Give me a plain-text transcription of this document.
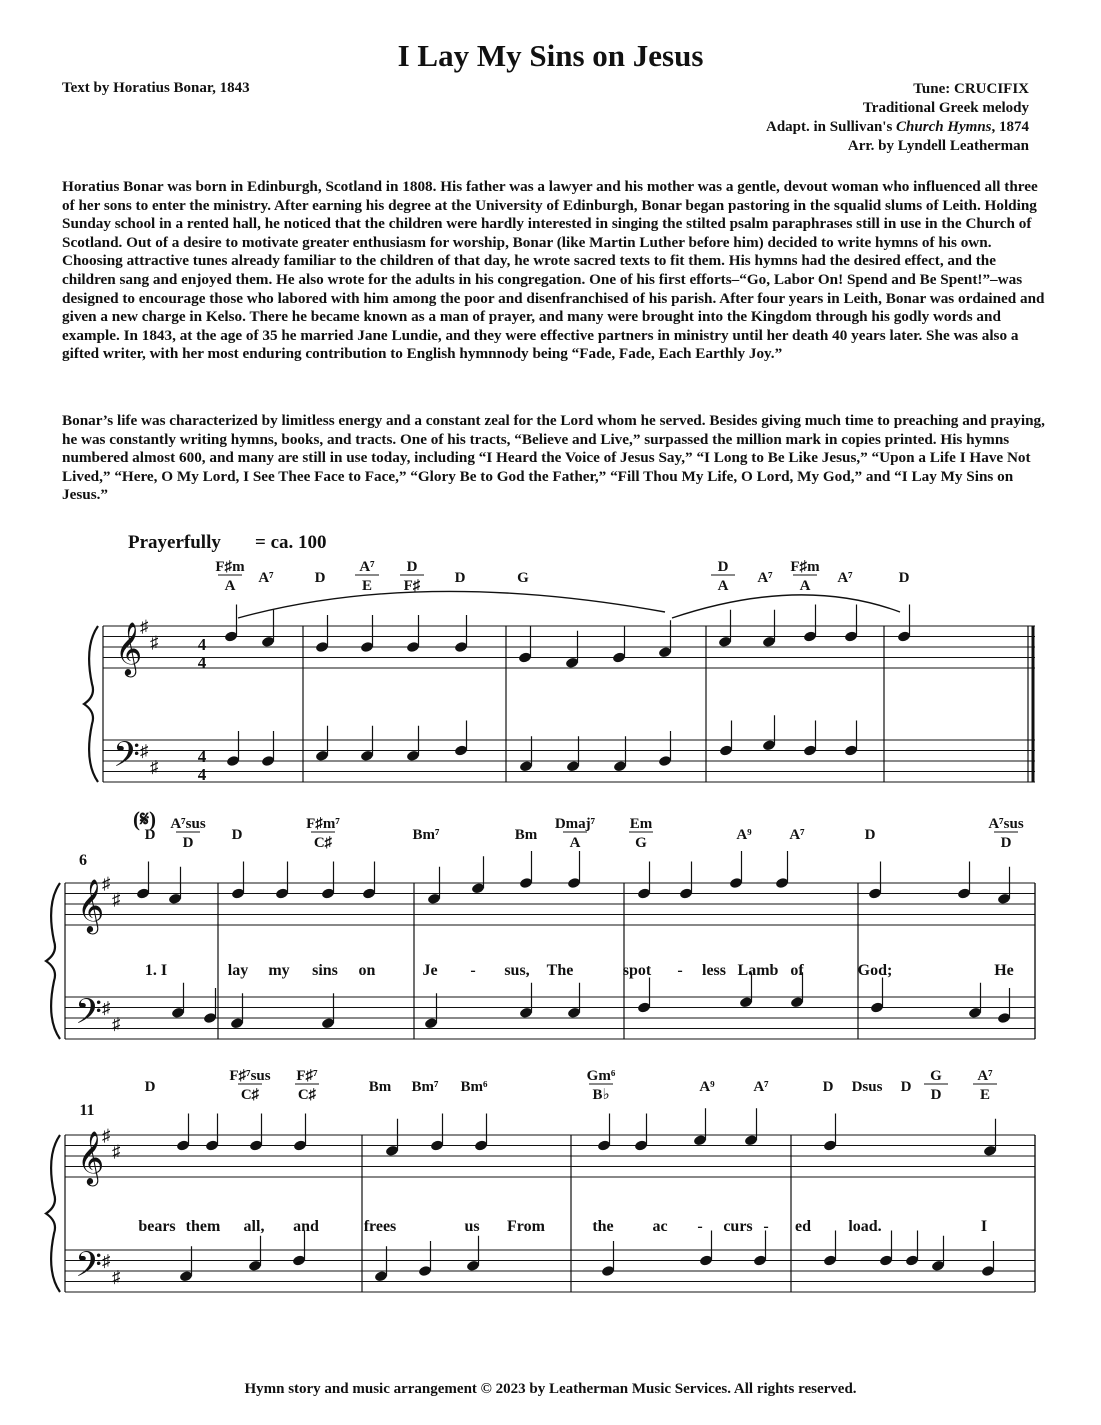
I Lay My Sins on Jesus
Text by Horatius Bonar, 1843	Tune: CRUCIFIX
Traditional Greek melody
Adapt. in Sullivan's Church Hymns, 1874
Arr. by Lyndell Leatherman
Horatius Bonar was born in Edinburgh, Scotland in 1808. His father was a lawyer and his mother was a gentle, devout woman who influenced all three of her sons to enter the ministry. After earning his degree at the University of Edinburgh, Bonar began pastoring in the squalid slums of Leith. Holding Sunday school in a rented hall, he noticed that the children were hardly interested in singing the stilted psalm paraphrases still in use in the Church of Scotland. Out of a desire to motivate greater enthusiasm for worship, Bonar (like Martin Luther before him) decided to write hymns of his own. Choosing attractive tunes already familiar to the children of that day, he wrote sacred texts to fit them. His hymns had the desired effect, and the children sang and enjoyed them. He also wrote for the adults in his congregation. One of his first efforts–“Go, Labor On! Spend and Be Spent!”–was designed to encourage those who labored with him among the poor and disenfranchised of his parish. After four years in Leith, Bonar was ordained and given a new charge in Kelso. There he became known as a man of prayer, and many were brought into the Kingdom through his godly words and example. In 1843, at the age of 35 he married Jane Lundie, and they were effective partners in ministry until her death 40 years later. She was also a gifted writer, with her most enduring contribution to English hymnnody being “Fade, Fade, Each Earthly Joy.”
Bonar’s life was characterized by limitless energy and a constant zeal for the Lord whom he served. Besides giving much time to preaching and praying, he was constantly writing hymns, books, and tracts. One of his tracts, “Believe and Live,” surpassed the million mark in copies printed. His hymns numbered almost 600, and many are still in use today, including “I Heard the Voice of Jesus Say,” “I Long to Be Like Jesus,” “Upon a Life I Have Not Lived,” “Here, O My Lord, I See Thee Face to Face,” “Glory Be to God the Father,” “Fill Thou My Life, O Lord, My God,” and “I Lay My Sins on Jesus.”
Prayerfully = ca. 100
(𝄋)
6
11
4
4
4
4
♯
♯
𝄞
♯
♯
𝄢
F♯m
A A⁷	D
A⁷
E
D
F♯ D	G
D
A A⁷
F♯m
A A⁷	D
♯
♯
𝄞
♯
♯
𝄢
D
A⁷sus
D	D
F♯m⁷
C♯	Bm⁷	Bm
Dmaj⁷
A
Em
G	A⁹	A⁷	D
A⁷sus
D
1. I	lay my sins on	Je - sus, The	spot - less Lamb of	God;	He
♯
♯
𝄞
♯
♯
𝄢
D
F♯⁷sus
C♯
F♯⁷
C♯	Bm Bm⁷ Bm⁶
Gm⁶
B♭	A⁹	A⁷	D Dsus D
G
D
A⁷
E
bears them all, and	frees	us From	the ac - curs - ed load.	I
Hymn story and music arrangement © 2023 by Leatherman Music Services. All rights reserved.
